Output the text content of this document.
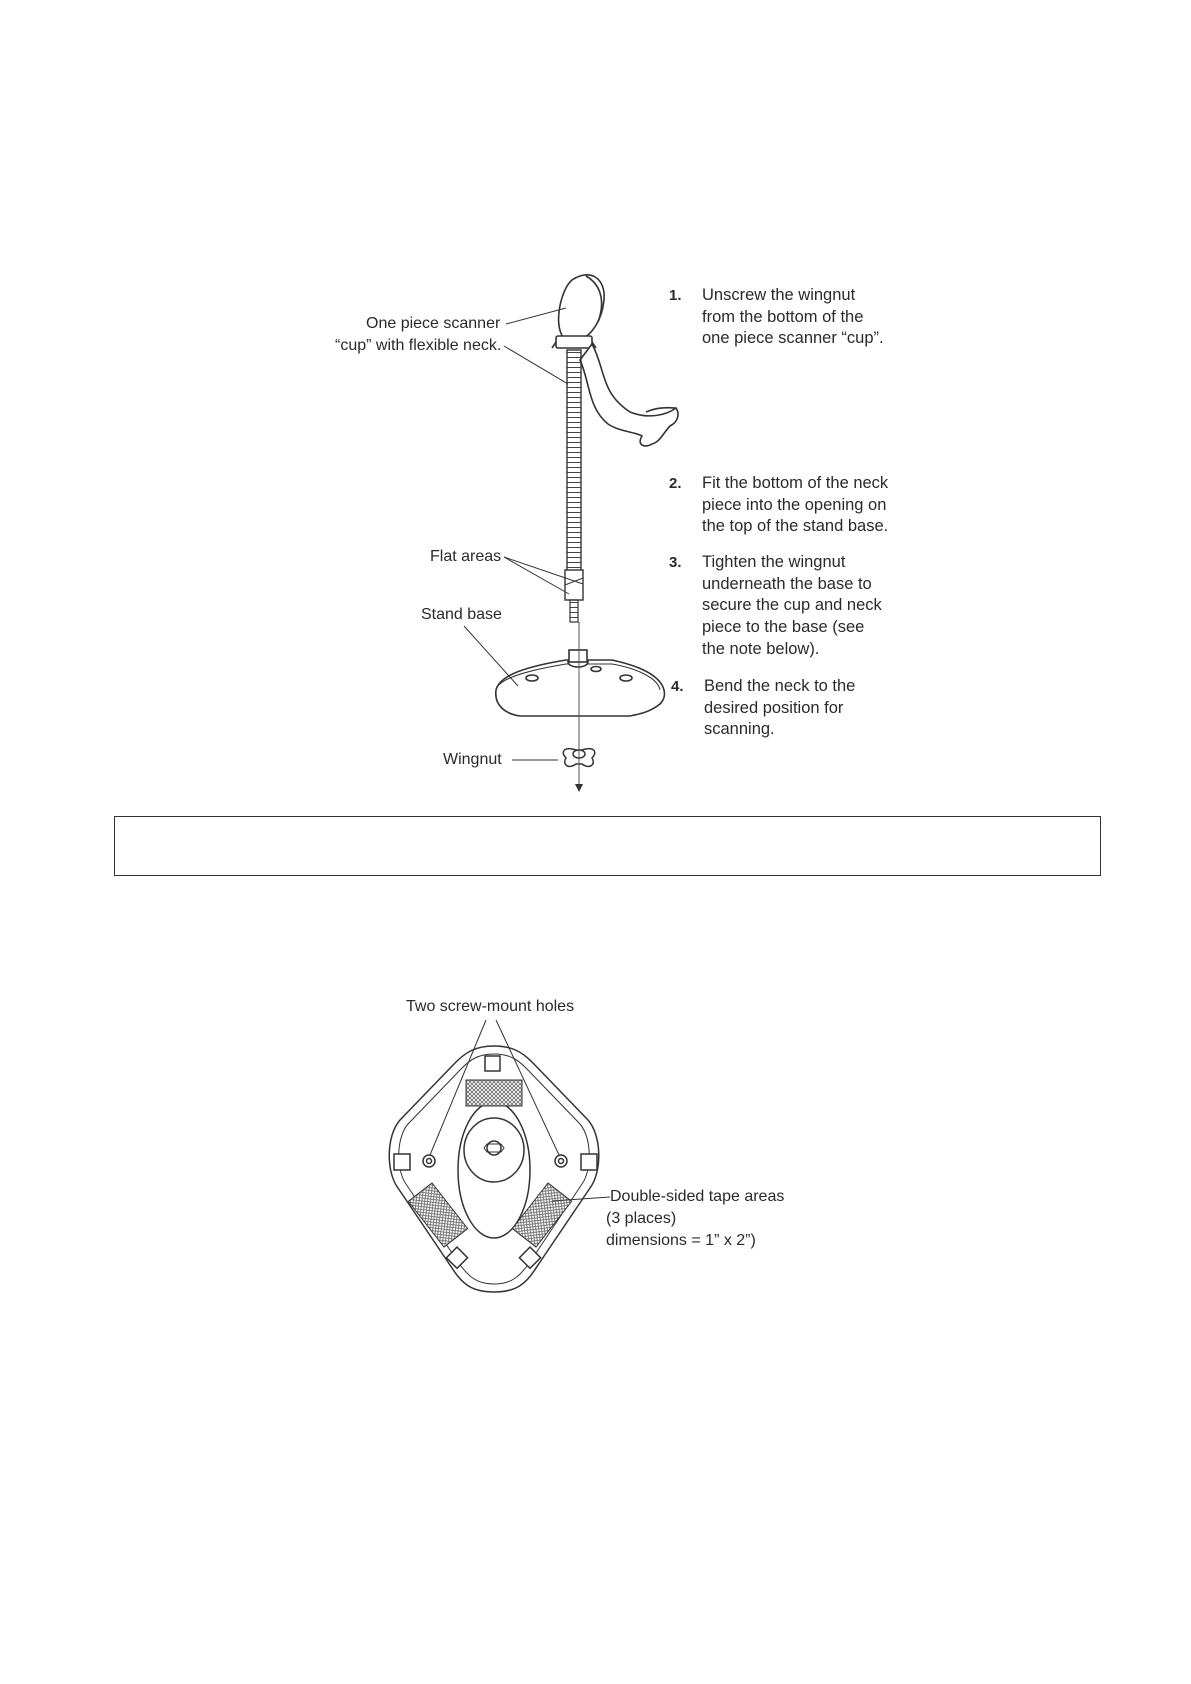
One piece scanner
“cup” with flexible neck.
Flat areas
Stand base
Wingnut
1. Unscrew the wingnut
from the bottom of the
one piece scanner “cup”.
2. Fit the bottom of the neck
piece into the opening on
the top of the stand base.
3. Tighten the wingnut
underneath the base to
secure the cup and neck
piece to the base (see
the note below).
4. Bend the neck to the
desired position for
scanning.
Two screw-mount holes
Double-sided tape areas
(3 places)
dimensions = 1” x 2”)
